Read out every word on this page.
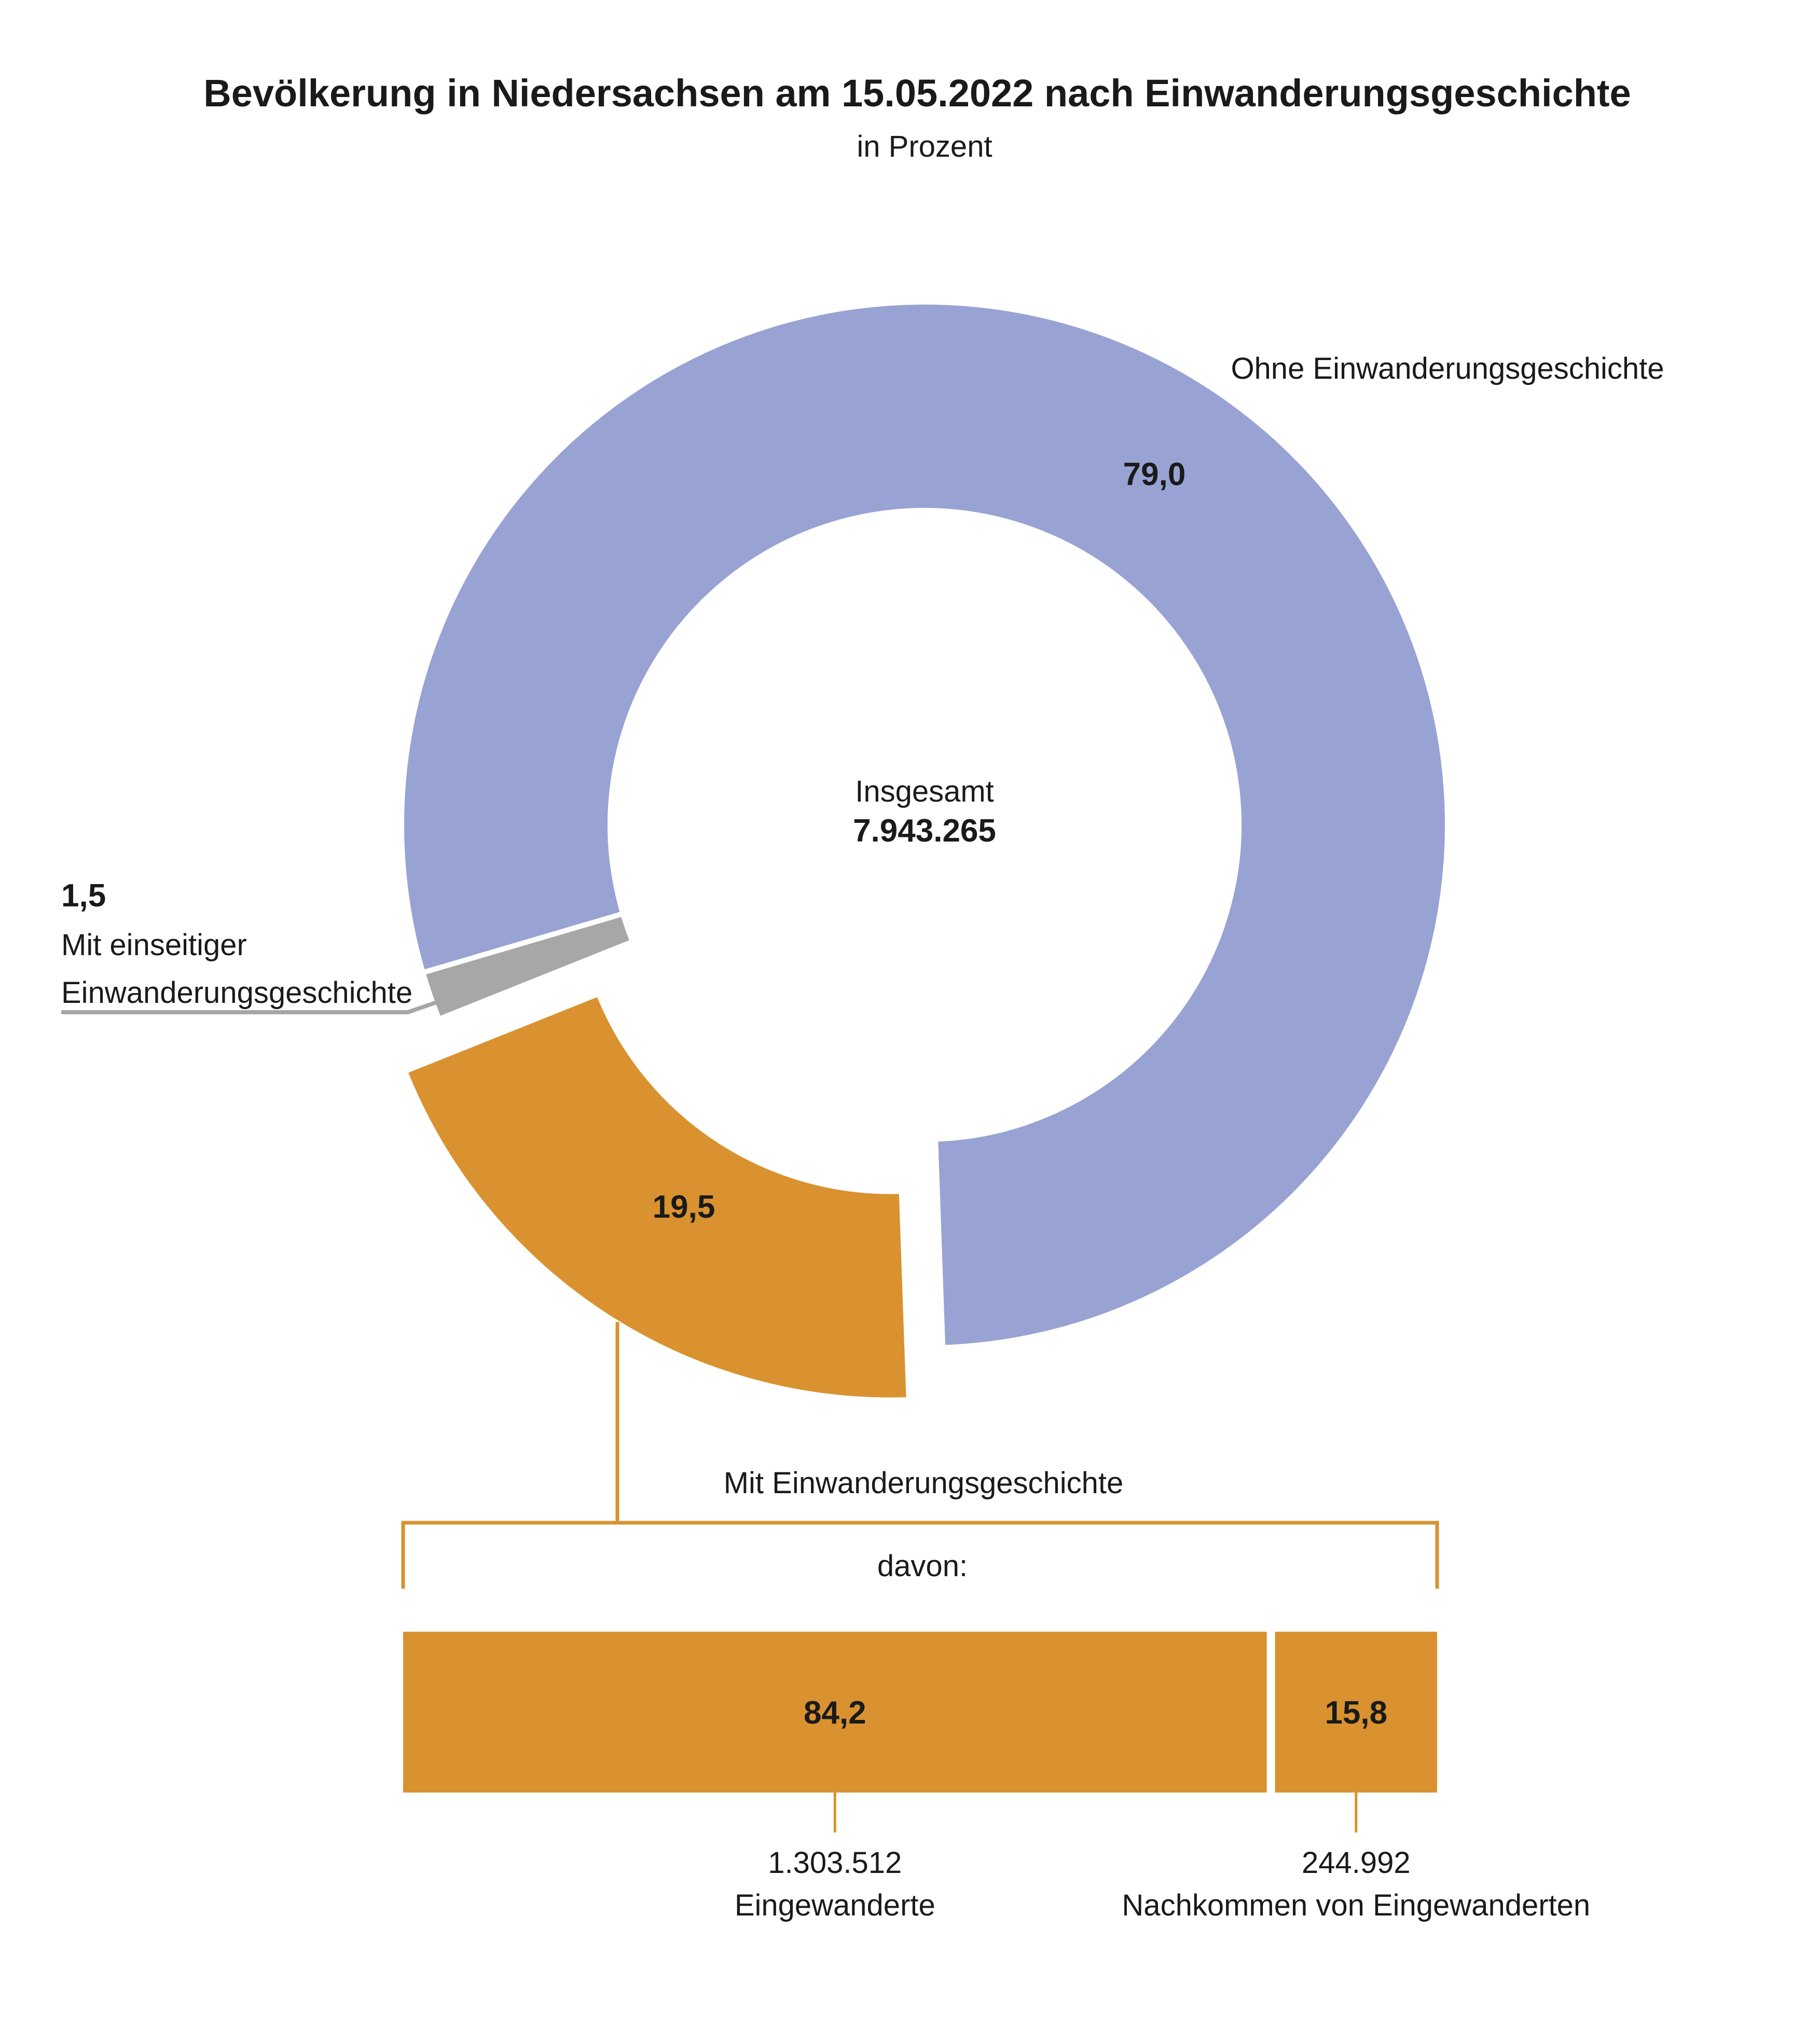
Bevölkerung in Niedersachsen am 15.05.2022 nach Einwanderungsgeschichte
in Prozent
Insgesamt
7.943.265
79,0
19,5
Ohne Einwanderungsgeschichte
1,5
Mit einseitiger
Einwanderungsgeschichte
Mit Einwanderungsgeschichte
davon:
84,2	15,8
1.303.512
Eingewanderte
244.992
Nachkommen von Eingewanderten
